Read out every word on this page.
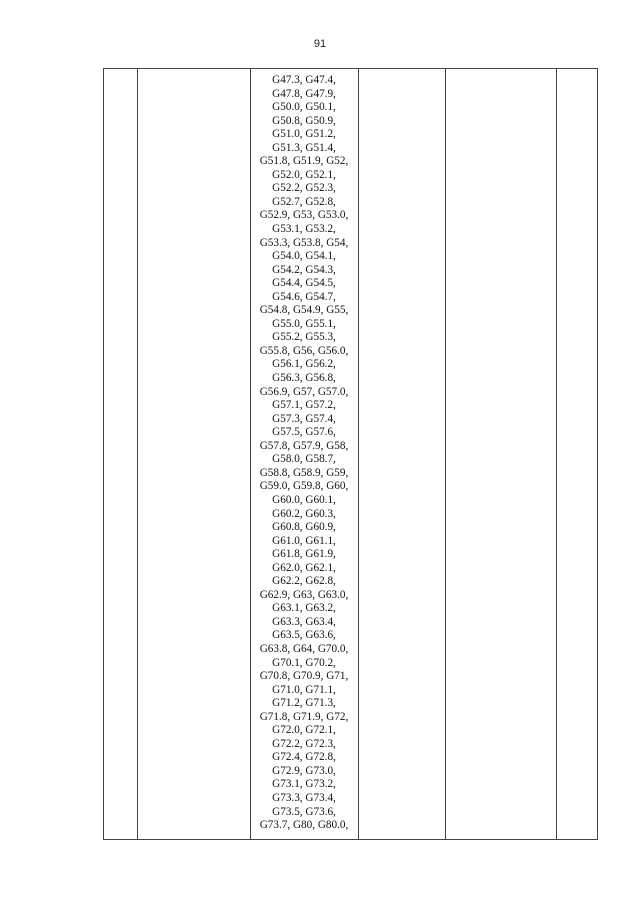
91
G47.3, G47.4,
G47.8, G47.9,
G50.0, G50.1,
G50.8, G50.9,
G51.0, G51.2,
G51.3, G51.4,
G51.8, G51.9, G52,
G52.0, G52.1,
G52.2, G52.3,
G52.7, G52.8,
G52.9, G53, G53.0,
G53.1, G53.2,
G53.3, G53.8, G54,
G54.0, G54.1,
G54.2, G54.3,
G54.4, G54.5,
G54.6, G54.7,
G54.8, G54.9, G55,
G55.0, G55.1,
G55.2, G55.3,
G55.8, G56, G56.0,
G56.1, G56.2,
G56.3, G56.8,
G56.9, G57, G57.0,
G57.1, G57.2,
G57.3, G57.4,
G57.5, G57.6,
G57.8, G57.9, G58,
G58.0, G58.7,
G58.8, G58.9, G59,
G59.0, G59.8, G60,
G60.0, G60.1,
G60.2, G60.3,
G60.8, G60.9,
G61.0, G61.1,
G61.8, G61.9,
G62.0, G62.1,
G62.2, G62.8,
G62.9, G63, G63.0,
G63.1, G63.2,
G63.3, G63.4,
G63.5, G63.6,
G63.8, G64, G70.0,
G70.1, G70.2,
G70.8, G70.9, G71,
G71.0, G71.1,
G71.2, G71.3,
G71.8, G71.9, G72,
G72.0, G72.1,
G72.2, G72.3,
G72.4, G72.8,
G72.9, G73.0,
G73.1, G73.2,
G73.3, G73.4,
G73.5, G73.6,
G73.7, G80, G80.0,
